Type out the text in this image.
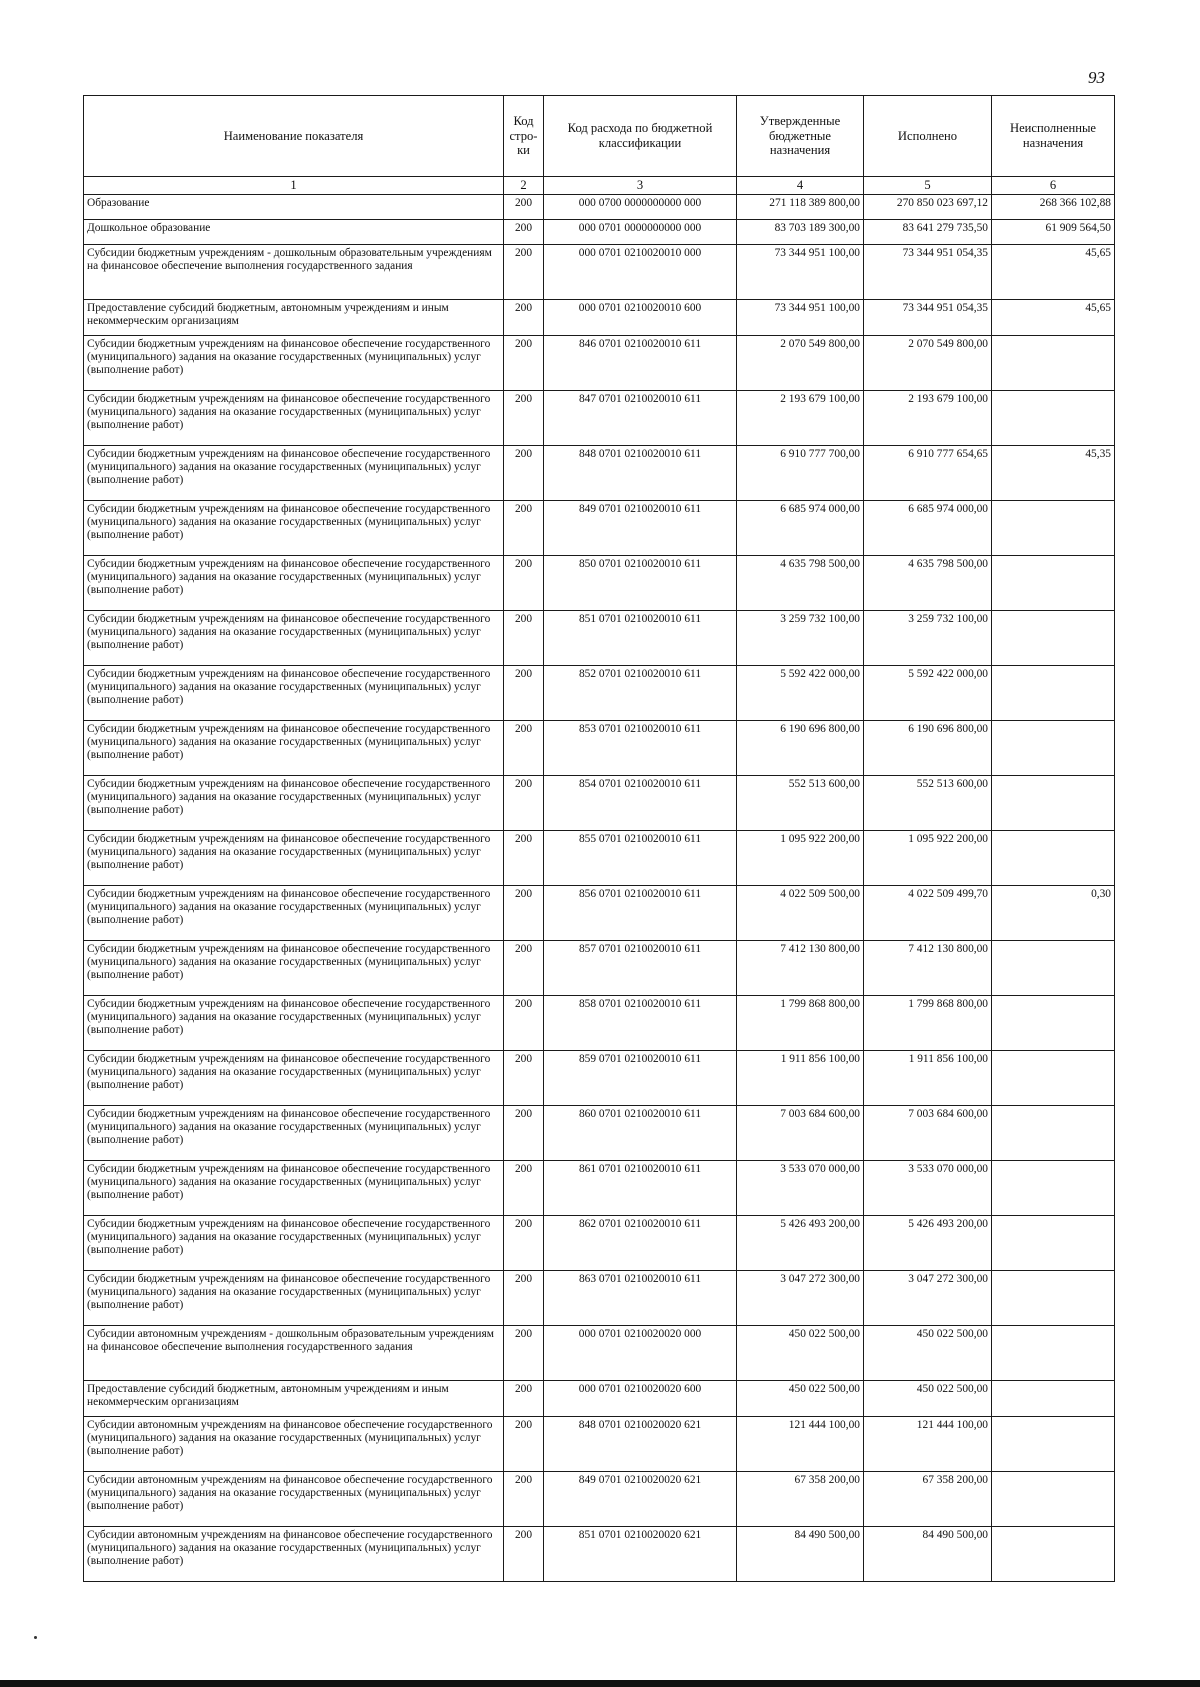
93
Наименование показателя	Код стро-ки	Код расхода по бюджетной классификации	Утвержденные бюджетные назначения	Исполнено	Неисполненные назначения
1	2	3	4	5	6
Образование	200	000 0700 0000000000 000	271 118 389 800,00	270 850 023 697,12	268 366 102,88
Дошкольное образование	200	000 0701 0000000000 000	83 703 189 300,00	83 641 279 735,50	61 909 564,50
Субсидии бюджетным учреждениям - дошкольным образовательным учреждениям на финансовое обеспечение выполнения государственного задания	200	000 0701 0210020010 000	73 344 951 100,00	73 344 951 054,35	45,65
Предоставление субсидий бюджетным, автономным учреждениям и иным некоммерческим организациям	200	000 0701 0210020010 600	73 344 951 100,00	73 344 951 054,35	45,65
Субсидии бюджетным учреждениям на финансовое обеспечение государственного (муниципального) задания на оказание государственных (муниципальных) услуг (выполнение работ)	200	846 0701 0210020010 611	2 070 549 800,00	2 070 549 800,00	
Субсидии бюджетным учреждениям на финансовое обеспечение государственного (муниципального) задания на оказание государственных (муниципальных) услуг (выполнение работ)	200	847 0701 0210020010 611	2 193 679 100,00	2 193 679 100,00	
Субсидии бюджетным учреждениям на финансовое обеспечение государственного (муниципального) задания на оказание государственных (муниципальных) услуг (выполнение работ)	200	848 0701 0210020010 611	6 910 777 700,00	6 910 777 654,65	45,35
Субсидии бюджетным учреждениям на финансовое обеспечение государственного (муниципального) задания на оказание государственных (муниципальных) услуг (выполнение работ)	200	849 0701 0210020010 611	6 685 974 000,00	6 685 974 000,00	
Субсидии бюджетным учреждениям на финансовое обеспечение государственного (муниципального) задания на оказание государственных (муниципальных) услуг (выполнение работ)	200	850 0701 0210020010 611	4 635 798 500,00	4 635 798 500,00	
Субсидии бюджетным учреждениям на финансовое обеспечение государственного (муниципального) задания на оказание государственных (муниципальных) услуг (выполнение работ)	200	851 0701 0210020010 611	3 259 732 100,00	3 259 732 100,00	
Субсидии бюджетным учреждениям на финансовое обеспечение государственного (муниципального) задания на оказание государственных (муниципальных) услуг (выполнение работ)	200	852 0701 0210020010 611	5 592 422 000,00	5 592 422 000,00	
Субсидии бюджетным учреждениям на финансовое обеспечение государственного (муниципального) задания на оказание государственных (муниципальных) услуг (выполнение работ)	200	853 0701 0210020010 611	6 190 696 800,00	6 190 696 800,00	
Субсидии бюджетным учреждениям на финансовое обеспечение государственного (муниципального) задания на оказание государственных (муниципальных) услуг (выполнение работ)	200	854 0701 0210020010 611	552 513 600,00	552 513 600,00	
Субсидии бюджетным учреждениям на финансовое обеспечение государственного (муниципального) задания на оказание государственных (муниципальных) услуг (выполнение работ)	200	855 0701 0210020010 611	1 095 922 200,00	1 095 922 200,00	
Субсидии бюджетным учреждениям на финансовое обеспечение государственного (муниципального) задания на оказание государственных (муниципальных) услуг (выполнение работ)	200	856 0701 0210020010 611	4 022 509 500,00	4 022 509 499,70	0,30
Субсидии бюджетным учреждениям на финансовое обеспечение государственного (муниципального) задания на оказание государственных (муниципальных) услуг (выполнение работ)	200	857 0701 0210020010 611	7 412 130 800,00	7 412 130 800,00	
Субсидии бюджетным учреждениям на финансовое обеспечение государственного (муниципального) задания на оказание государственных (муниципальных) услуг (выполнение работ)	200	858 0701 0210020010 611	1 799 868 800,00	1 799 868 800,00	
Субсидии бюджетным учреждениям на финансовое обеспечение государственного (муниципального) задания на оказание государственных (муниципальных) услуг (выполнение работ)	200	859 0701 0210020010 611	1 911 856 100,00	1 911 856 100,00	
Субсидии бюджетным учреждениям на финансовое обеспечение государственного (муниципального) задания на оказание государственных (муниципальных) услуг (выполнение работ)	200	860 0701 0210020010 611	7 003 684 600,00	7 003 684 600,00	
Субсидии бюджетным учреждениям на финансовое обеспечение государственного (муниципального) задания на оказание государственных (муниципальных) услуг (выполнение работ)	200	861 0701 0210020010 611	3 533 070 000,00	3 533 070 000,00	
Субсидии бюджетным учреждениям на финансовое обеспечение государственного (муниципального) задания на оказание государственных (муниципальных) услуг (выполнение работ)	200	862 0701 0210020010 611	5 426 493 200,00	5 426 493 200,00	
Субсидии бюджетным учреждениям на финансовое обеспечение государственного (муниципального) задания на оказание государственных (муниципальных) услуг (выполнение работ)	200	863 0701 0210020010 611	3 047 272 300,00	3 047 272 300,00	
Субсидии автономным учреждениям - дошкольным образовательным учреждениям на финансовое обеспечение выполнения государственного задания	200	000 0701 0210020020 000	450 022 500,00	450 022 500,00	
Предоставление субсидий бюджетным, автономным учреждениям и иным некоммерческим организациям	200	000 0701 0210020020 600	450 022 500,00	450 022 500,00	
Субсидии автономным учреждениям на финансовое обеспечение государственного (муниципального) задания на оказание государственных (муниципальных) услуг (выполнение работ)	200	848 0701 0210020020 621	121 444 100,00	121 444 100,00	
Субсидии автономным учреждениям на финансовое обеспечение государственного (муниципального) задания на оказание государственных (муниципальных) услуг (выполнение работ)	200	849 0701 0210020020 621	67 358 200,00	67 358 200,00	
Субсидии автономным учреждениям на финансовое обеспечение государственного (муниципального) задания на оказание государственных (муниципальных) услуг (выполнение работ)	200	851 0701 0210020020 621	84 490 500,00	84 490 500,00	
